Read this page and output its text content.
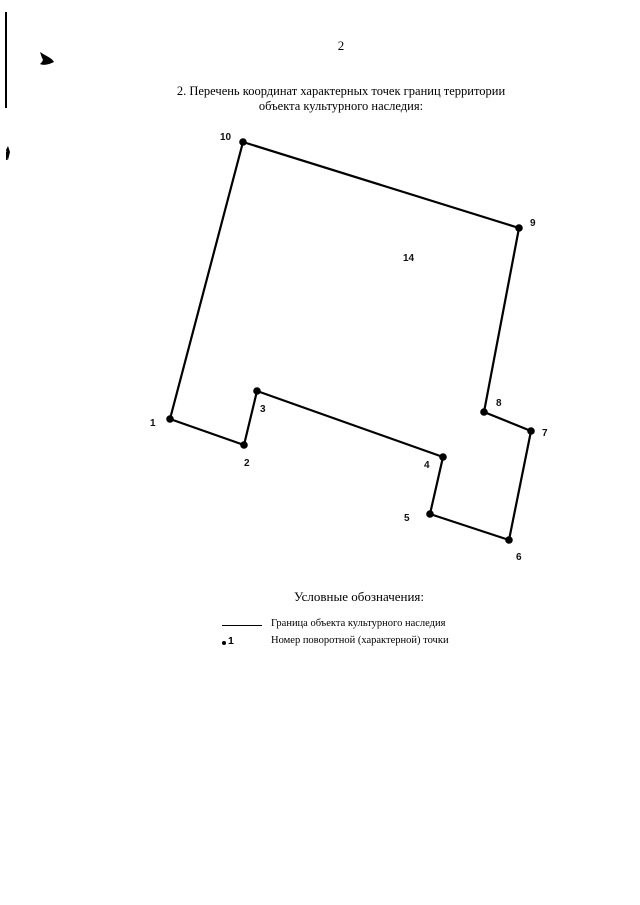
2
2. Перечень координат характерных точек границ территории
объекта культурного наследия:
1
2
3
4
5
6
7
8
9
10
14
Условные обозначения:
Граница объекта культурного наследия
1	Номер поворотной (характерной) точки
